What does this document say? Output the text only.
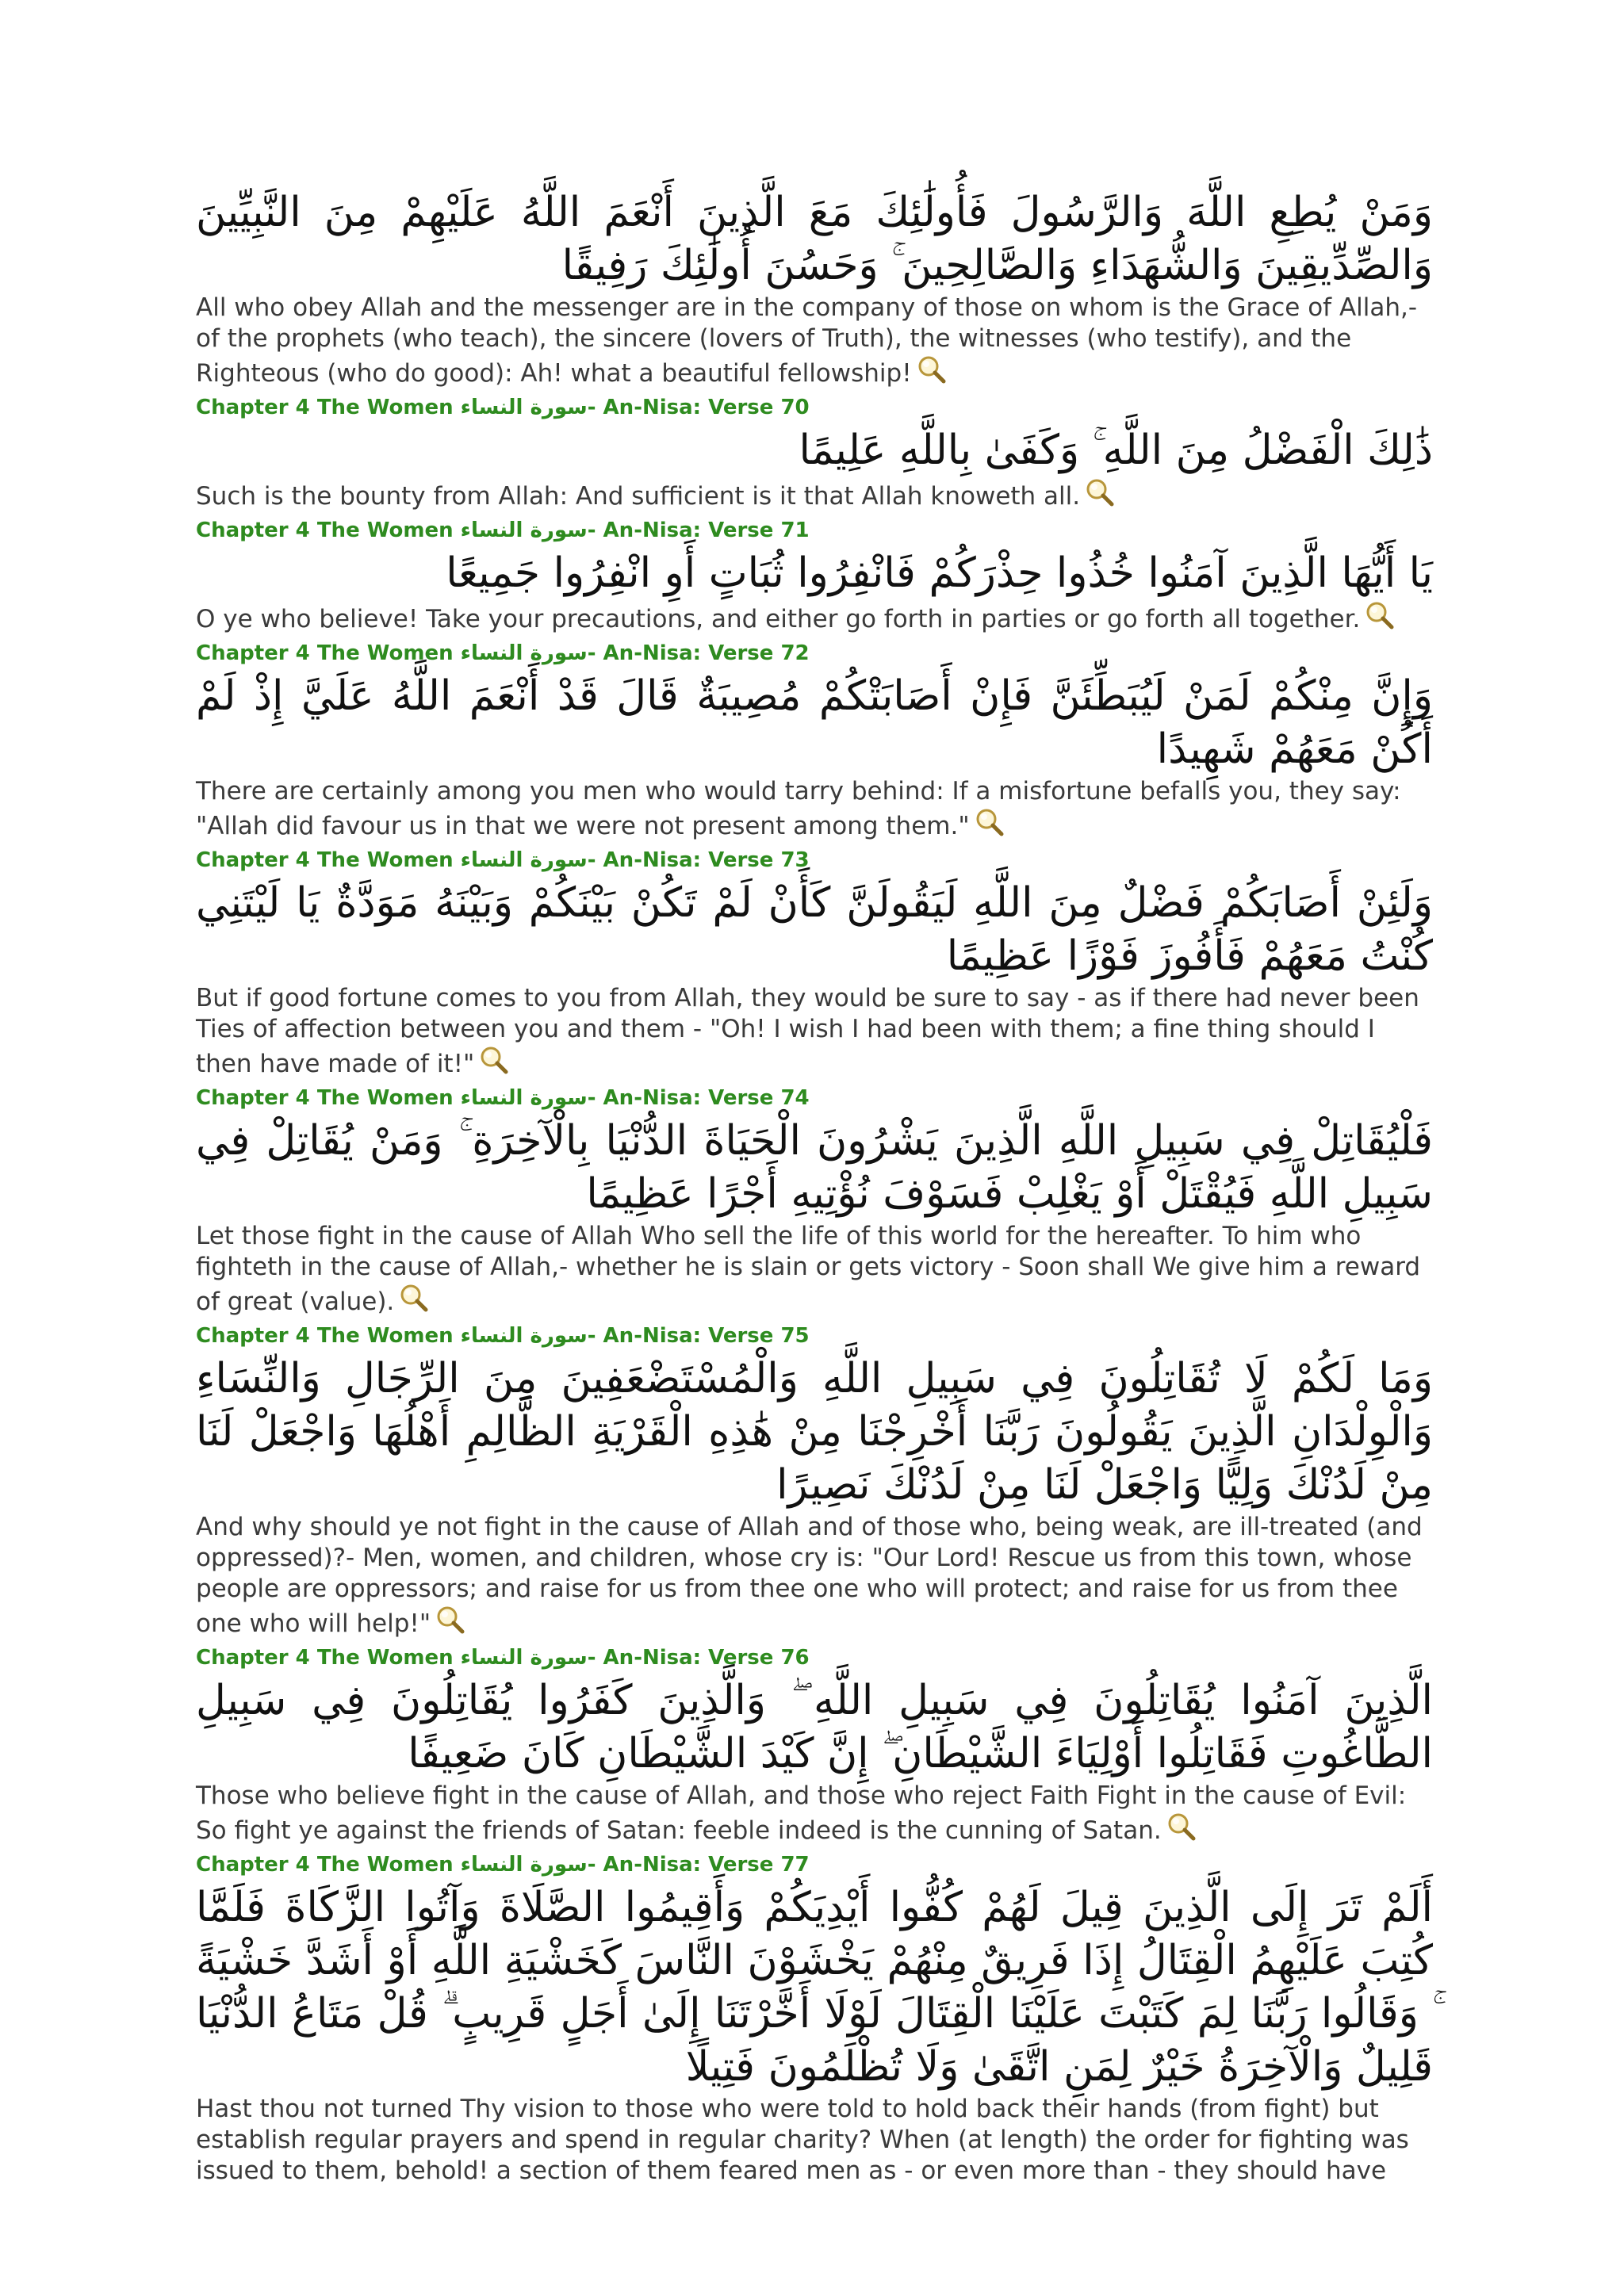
وَمَنْ يُطِعِ اللَّهَ وَالرَّسُولَ فَأُولَٰئِكَ مَعَ الَّذِينَ أَنْعَمَ اللَّهُ عَلَيْهِمْ مِنَ النَّبِيِّينَ وَالصِّدِّيقِينَ وَالشُّهَدَاءِ وَالصَّالِحِينَ ۚ وَحَسُنَ أُولَٰئِكَ رَفِيقًا

All who obey Allah and the messenger are in the company of those on whom is the Grace of Allah,- of the prophets (who teach), the sincere (lovers of Truth), the witnesses (who testify), and the Righteous (who do good): Ah! what a beautiful fellowship!

Chapter 4 The Women سورة النساء- An-Nisa: Verse 70

ذَٰلِكَ الْفَضْلُ مِنَ اللَّهِ ۚ وَكَفَىٰ بِاللَّهِ عَلِيمًا

Such is the bounty from Allah: And sufficient is it that Allah knoweth all.

Chapter 4 The Women سورة النساء- An-Nisa: Verse 71

يَا أَيُّهَا الَّذِينَ آمَنُوا خُذُوا حِذْرَكُمْ فَانْفِرُوا ثُبَاتٍ أَوِ انْفِرُوا جَمِيعًا

O ye who believe! Take your precautions, and either go forth in parties or go forth all together.

Chapter 4 The Women سورة النساء- An-Nisa: Verse 72

وَإِنَّ مِنْكُمْ لَمَنْ لَيُبَطِّئَنَّ فَإِنْ أَصَابَتْكُمْ مُصِيبَةٌ قَالَ قَدْ أَنْعَمَ اللَّهُ عَلَيَّ إِذْ لَمْ أَكُنْ مَعَهُمْ شَهِيدًا

There are certainly among you men who would tarry behind: If a misfortune befalls you, they say: "Allah did favour us in that we were not present among them."

Chapter 4 The Women سورة النساء- An-Nisa: Verse 73

وَلَئِنْ أَصَابَكُمْ فَضْلٌ مِنَ اللَّهِ لَيَقُولَنَّ كَأَنْ لَمْ تَكُنْ بَيْنَكُمْ وَبَيْنَهُ مَوَدَّةٌ يَا لَيْتَنِي كُنْتُ مَعَهُمْ فَأَفُوزَ فَوْزًا عَظِيمًا

But if good fortune comes to you from Allah, they would be sure to say - as if there had never been Ties of affection between you and them - "Oh! I wish I had been with them; a fine thing should I then have made of it!"

Chapter 4 The Women سورة النساء- An-Nisa: Verse 74

فَلْيُقَاتِلْ فِي سَبِيلِ اللَّهِ الَّذِينَ يَشْرُونَ الْحَيَاةَ الدُّنْيَا بِالْآخِرَةِ ۚ وَمَنْ يُقَاتِلْ فِي سَبِيلِ اللَّهِ فَيُقْتَلْ أَوْ يَغْلِبْ فَسَوْفَ نُؤْتِيهِ أَجْرًا عَظِيمًا

Let those fight in the cause of Allah Who sell the life of this world for the hereafter. To him who fighteth in the cause of Allah,- whether he is slain or gets victory - Soon shall We give him a reward of great (value).

Chapter 4 The Women سورة النساء- An-Nisa: Verse 75

وَمَا لَكُمْ لَا تُقَاتِلُونَ فِي سَبِيلِ اللَّهِ وَالْمُسْتَضْعَفِينَ مِنَ الرِّجَالِ وَالنِّسَاءِ وَالْوِلْدَانِ الَّذِينَ يَقُولُونَ رَبَّنَا أَخْرِجْنَا مِنْ هَٰذِهِ الْقَرْيَةِ الظَّالِمِ أَهْلُهَا وَاجْعَلْ لَنَا مِنْ لَدُنْكَ وَلِيًّا وَاجْعَلْ لَنَا مِنْ لَدُنْكَ نَصِيرًا

And why should ye not fight in the cause of Allah and of those who, being weak, are ill-treated (and oppressed)?- Men, women, and children, whose cry is: "Our Lord! Rescue us from this town, whose people are oppressors; and raise for us from thee one who will protect; and raise for us from thee one who will help!"

Chapter 4 The Women سورة النساء- An-Nisa: Verse 76

الَّذِينَ آمَنُوا يُقَاتِلُونَ فِي سَبِيلِ اللَّهِ ۖ وَالَّذِينَ كَفَرُوا يُقَاتِلُونَ فِي سَبِيلِ الطَّاغُوتِ فَقَاتِلُوا أَوْلِيَاءَ الشَّيْطَانِ ۖ إِنَّ كَيْدَ الشَّيْطَانِ كَانَ ضَعِيفًا

Those who believe fight in the cause of Allah, and those who reject Faith Fight in the cause of Evil: So fight ye against the friends of Satan: feeble indeed is the cunning of Satan.

Chapter 4 The Women سورة النساء- An-Nisa: Verse 77

أَلَمْ تَرَ إِلَى الَّذِينَ قِيلَ لَهُمْ كُفُّوا أَيْدِيَكُمْ وَأَقِيمُوا الصَّلَاةَ وَآتُوا الزَّكَاةَ فَلَمَّا كُتِبَ عَلَيْهِمُ الْقِتَالُ إِذَا فَرِيقٌ مِنْهُمْ يَخْشَوْنَ النَّاسَ كَخَشْيَةِ اللَّهِ أَوْ أَشَدَّ خَشْيَةً ۚ وَقَالُوا رَبَّنَا لِمَ كَتَبْتَ عَلَيْنَا الْقِتَالَ لَوْلَا أَخَّرْتَنَا إِلَىٰ أَجَلٍ قَرِيبٍ ۗ قُلْ مَتَاعُ الدُّنْيَا قَلِيلٌ وَالْآخِرَةُ خَيْرٌ لِمَنِ اتَّقَىٰ وَلَا تُظْلَمُونَ فَتِيلًا

Hast thou not turned Thy vision to those who were told to hold back their hands (from fight) but establish regular prayers and spend in regular charity? When (at length) the order for fighting was issued to them, behold! a section of them feared men as - or even more than - they should have
